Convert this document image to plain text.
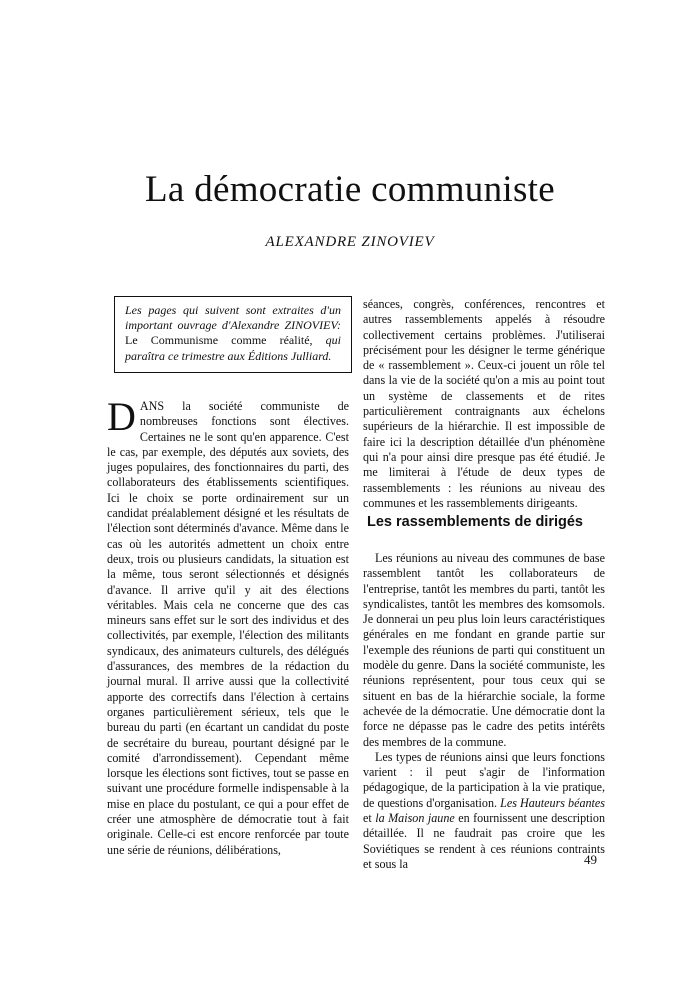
La démocratie communiste

ALEXANDRE ZINOVIEV

Les pages qui suivent sont extraites d'un important ouvrage d'Alexandre ZINOVIEV: Le Communisme comme réalité, qui paraîtra ce trimestre aux Éditions Julliard.

DANS la société communiste de nombreuses fonctions sont électives. Certaines ne le sont qu'en apparence. C'est le cas, par exemple, des députés aux soviets, des juges populaires, des fonctionnaires du parti, des collaborateurs des établissements scientifiques. Ici le choix se porte ordinairement sur un candidat préalablement désigné et les résultats de l'élection sont déterminés d'avance. Même dans le cas où les autorités admettent un choix entre deux, trois ou plusieurs candidats, la situation est la même, tous seront sélectionnés et désignés d'avance. Il arrive qu'il y ait des élections véritables. Mais cela ne concerne que des cas mineurs sans effet sur le sort des individus et des collectivités, par exemple, l'élection des militants syndicaux, des animateurs culturels, des délégués d'assurances, des membres de la rédaction du journal mural. Il arrive aussi que la collectivité apporte des correctifs dans l'élection à certains organes particulièrement sérieux, tels que le bureau du parti (en écartant un candidat du poste de secrétaire du bureau, pourtant désigné par le comité d'arrondissement). Cependant même lorsque les élections sont fictives, tout se passe en suivant une procédure formelle indispensable à la mise en place du postulant, ce qui a pour effet de créer une atmosphère de démocratie tout à fait originale. Celle-ci est encore renforcée par toute une série de réunions, délibérations,

séances, congrès, conférences, rencontres et autres rassemblements appelés à résoudre collectivement certains problèmes. J'utiliserai précisément pour les désigner le terme générique de « rassemblement ». Ceux-ci jouent un rôle tel dans la vie de la société qu'on a mis au point tout un système de classements et de rites particulièrement contraignants aux échelons supérieurs de la hiérarchie. Il est impossible de faire ici la description détaillée d'un phénomène qui n'a pour ainsi dire presque pas été étudié. Je me limiterai à l'étude de deux types de rassemblements : les réunions au niveau des communes et les rassemblements dirigeants.

Les rassemblements de dirigés

Les réunions au niveau des communes de base rassemblent tantôt les collaborateurs de l'entreprise, tantôt les membres du parti, tantôt les syndicalistes, tantôt les membres des komsomols. Je donnerai un peu plus loin leurs caractéristiques générales en me fondant en grande partie sur l'exemple des réunions de parti qui constituent un modèle du genre. Dans la société communiste, les réunions représentent, pour tous ceux qui se situent en bas de la hiérarchie sociale, la forme achevée de la démocratie. Une démocratie dont la force ne dépasse pas le cadre des petits intérêts des membres de la commune.

Les types de réunions ainsi que leurs fonctions varient : il peut s'agir de l'information pédagogique, de la participation à la vie pratique, de questions d'organisation. Les Hauteurs béantes et la Maison jaune en fournissent une description détaillée. Il ne faudrait pas croire que les Soviétiques se rendent à ces réunions contraints et sous la	49
